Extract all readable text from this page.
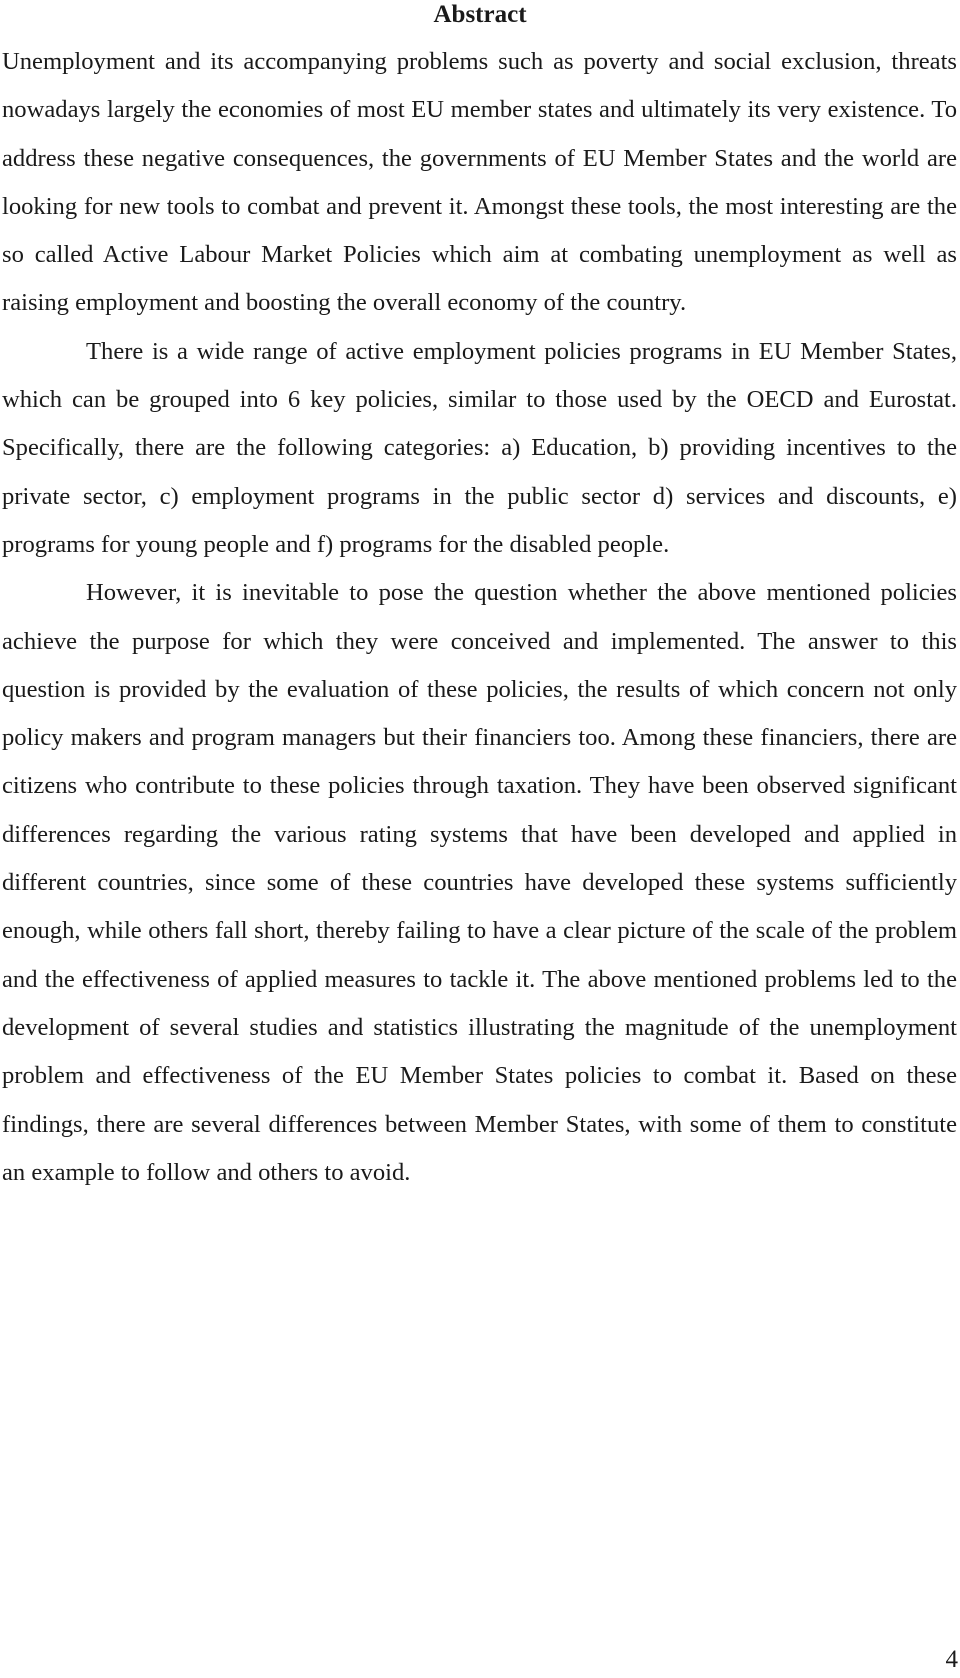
Abstract

Unemployment and its accompanying problems such as poverty and social exclusion, threats nowadays largely the economies of most EU member states and ultimately its very existence. To address these negative consequences, the governments of EU Member States and the world are looking for new tools to combat and prevent it. Amongst these tools, the most interesting are the so called Active Labour Market Policies which aim at combating unemployment as well as raising employment and boosting the overall economy of the country.

There is a wide range of active employment policies programs in EU Member States, which can be grouped into 6 key policies, similar to those used by the OECD and Eurostat. Specifically, there are the following categories: a) Education, b) providing incentives to the private sector, c) employment programs in the public sector d) services and discounts, e) programs for young people and f) programs for the disabled people.

However, it is inevitable to pose the question whether the above mentioned policies achieve the purpose for which they were conceived and implemented. The answer to this question is provided by the evaluation of these policies, the results of which concern not only policy makers and program managers but their financiers too. Among these financiers, there are citizens who contribute to these policies through taxation. They have been observed significant differences regarding the various rating systems that have been developed and applied in different countries, since some of these countries have developed these systems sufficiently enough, while others fall short, thereby failing to have a clear picture of the scale of the problem and the effectiveness of applied measures to tackle it. The above mentioned problems led to the development of several studies and statistics illustrating the magnitude of the unemployment problem and effectiveness of the EU Member States policies to combat it. Based on these findings, there are several differences between Member States, with some of them to constitute an example to follow and others to avoid.

4
